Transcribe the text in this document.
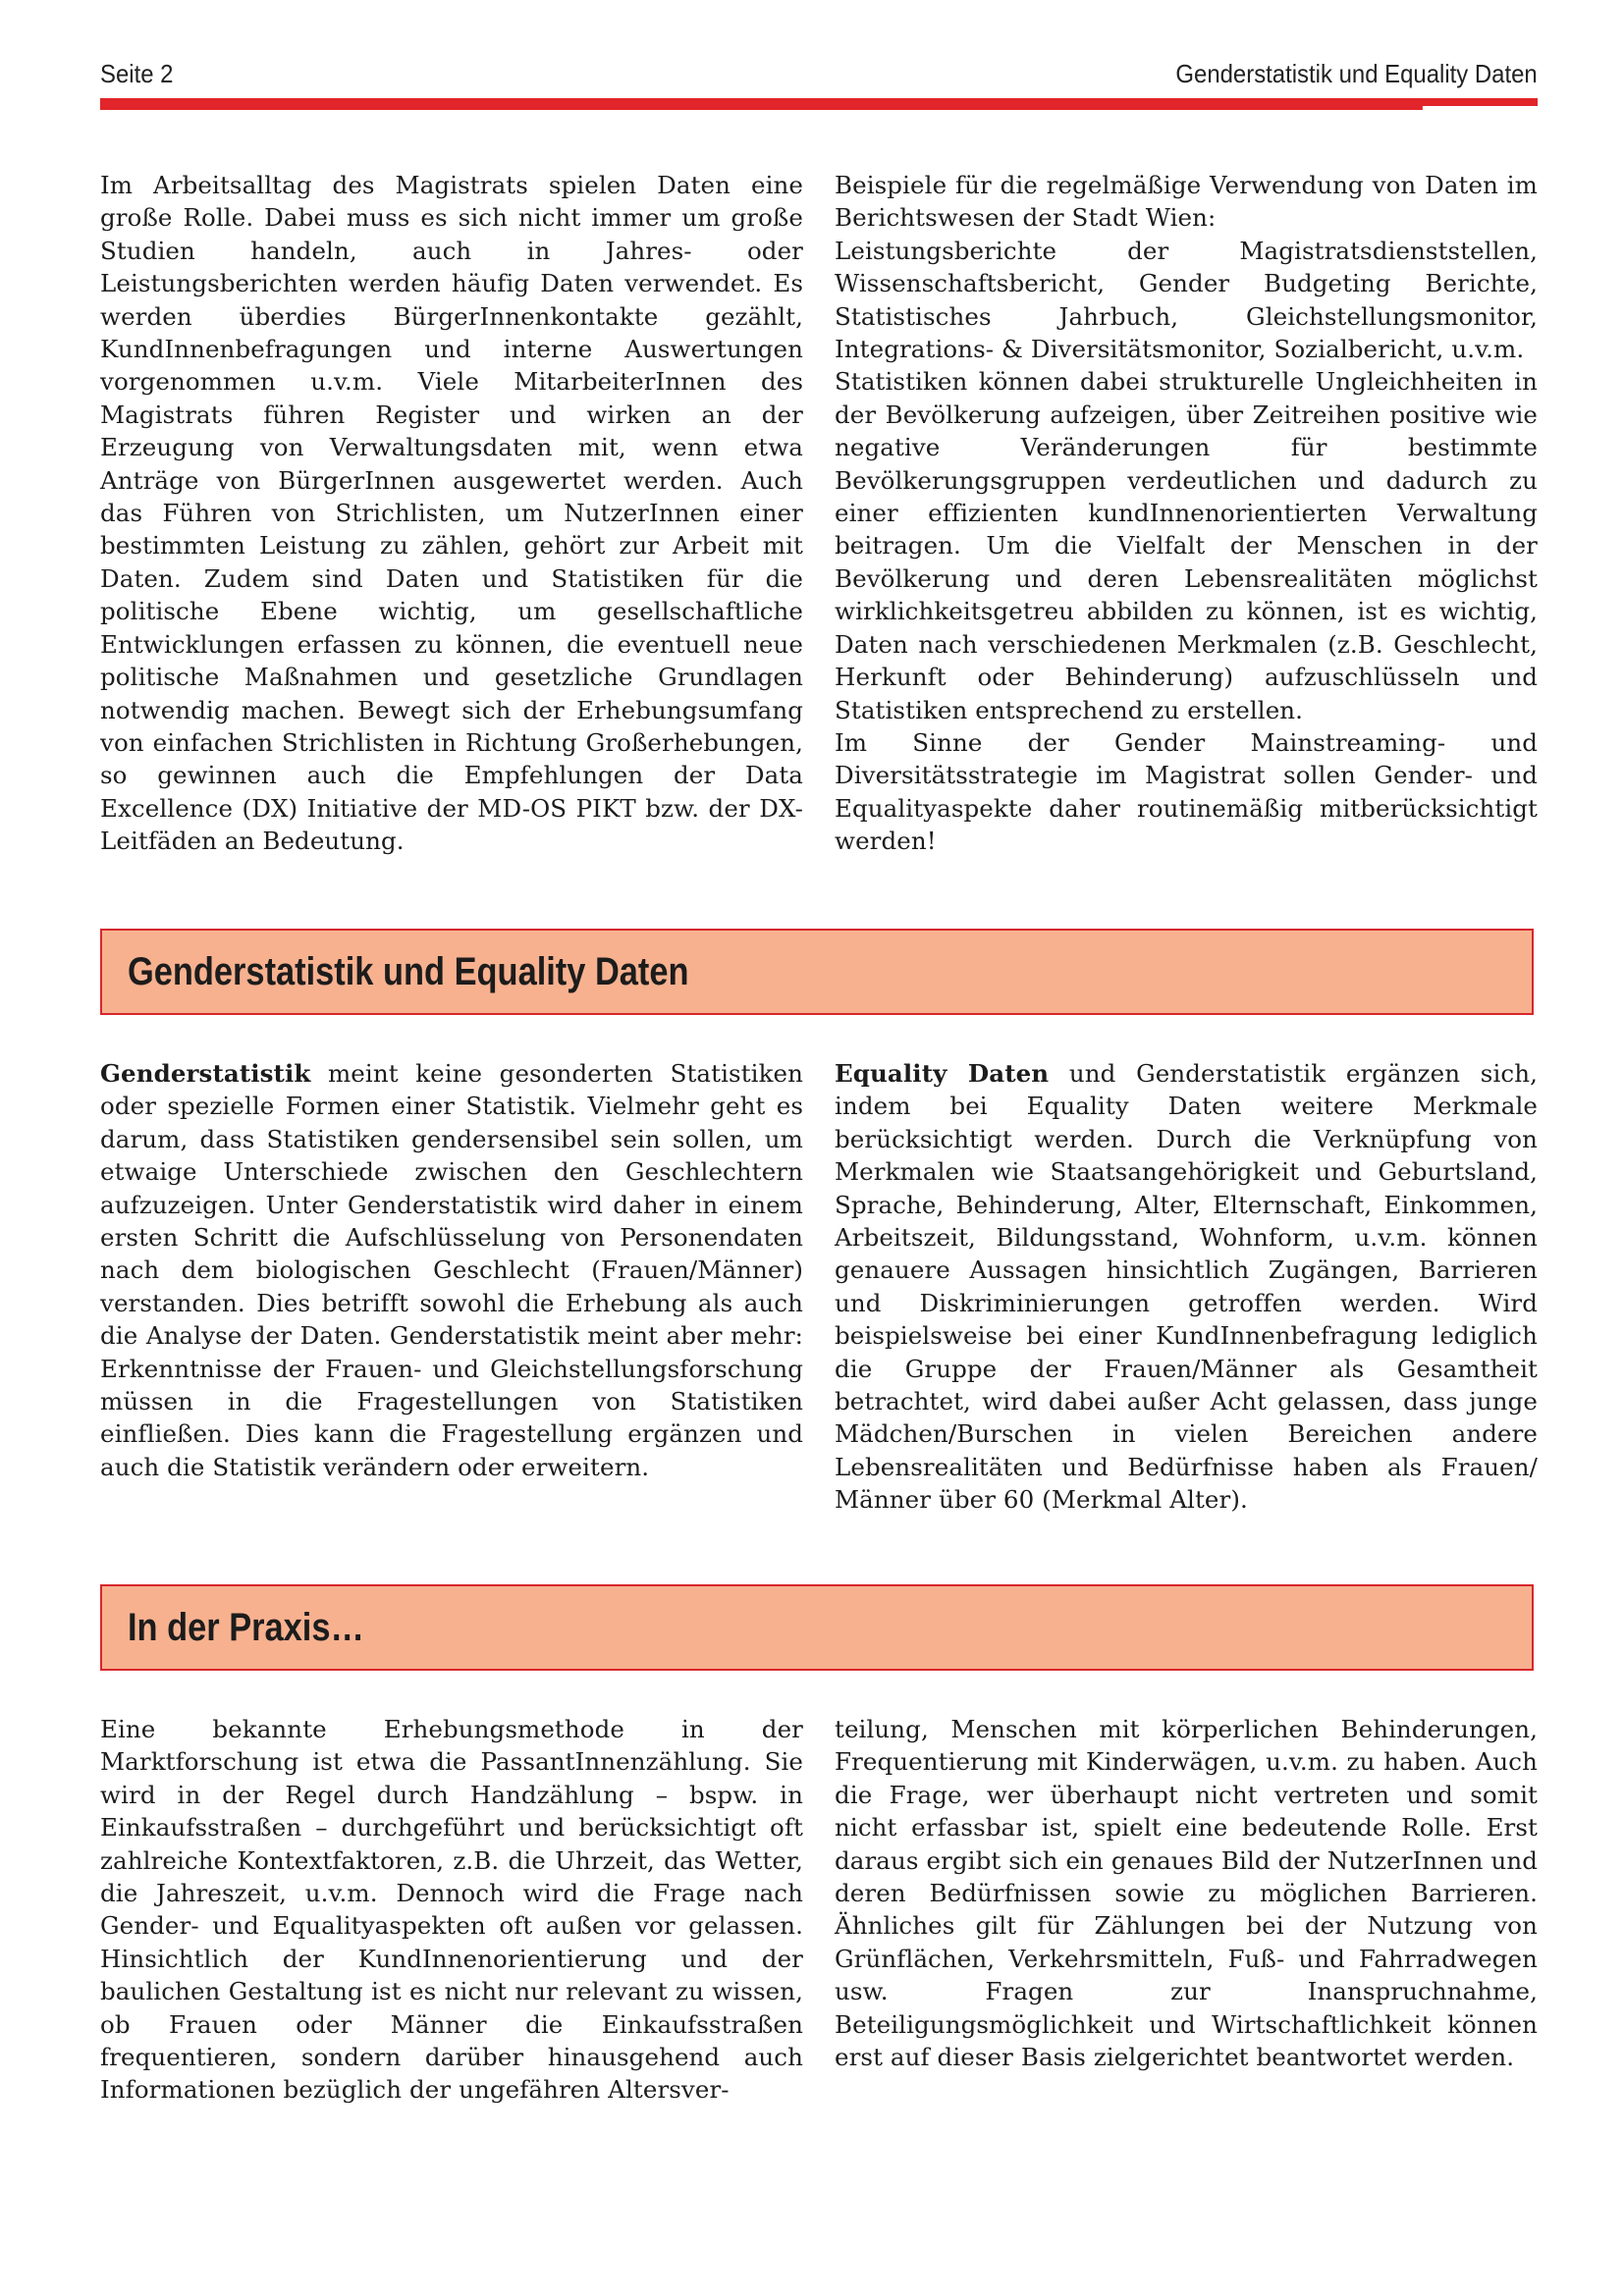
Seite 2	Genderstatistik und Equality Daten

Im Arbeitsalltag des Magistrats spielen Daten eine große Rolle. Dabei muss es sich nicht immer um große Studien handeln, auch in Jahres- oder Leistungsberichten werden häufig Daten verwendet. Es werden überdies BürgerInnenkontakte gezählt, KundInnenbefragungen und interne Auswertungen vorgenommen u.v.m. Viele MitarbeiterInnen des Magistrats führen Register und wirken an der Erzeugung von Verwaltungsdaten mit, wenn etwa Anträge von BürgerInnen ausgewertet werden. Auch das Führen von Strichlisten, um NutzerInnen einer bestimmten Leistung zu zählen, gehört zur Arbeit mit Daten. Zudem sind Daten und Statistiken für die politische Ebene wichtig, um gesellschaftliche Entwicklungen erfassen zu können, die eventuell neue politische Maßnahmen und gesetzliche Grundlagen notwendig machen. Bewegt sich der Erhebungsumfang von einfachen Strichlisten in Richtung Großerhebungen, so gewinnen auch die Empfehlungen der Data Excellence (DX) Initiative der MD-OS PIKT bzw. der DX-Leitfäden an Bedeutung.

Beispiele für die regelmäßige Verwendung von Daten im Berichtswesen der Stadt Wien:

Leistungsberichte der Magistratsdienststellen, Wissenschaftsbericht, Gender Budgeting Berichte, Statistisches Jahrbuch, Gleichstellungsmonitor, Integrations- & Diversitätsmonitor, Sozialbericht, u.v.m.

Statistiken können dabei strukturelle Ungleichheiten in der Bevölkerung aufzeigen, über Zeitreihen positive wie negative Veränderungen für bestimmte Bevölkerungsgruppen verdeutlichen und dadurch zu einer effizienten kundInnenorientierten Verwaltung beitragen. Um die Vielfalt der Menschen in der Bevölkerung und deren Lebensrealitäten möglichst wirklichkeitsgetreu abbilden zu können, ist es wichtig, Daten nach verschiedenen Merkmalen (z.B. Geschlecht, Herkunft oder Behinderung) aufzuschlüsseln und Statistiken entsprechend zu erstellen.

Im Sinne der Gender Mainstreaming- und Diversitätsstrategie im Magistrat sollen Gender- und Equalityaspekte daher routinemäßig mitberücksichtigt werden!

Genderstatistik und Equality Daten

Genderstatistik meint keine gesonderten Statistiken oder spezielle Formen einer Statistik. Vielmehr geht es darum, dass Statistiken gendersensibel sein sollen, um etwaige Unterschiede zwischen den Geschlechtern aufzuzeigen. Unter Genderstatistik wird daher in einem ersten Schritt die Aufschlüsselung von Personendaten nach dem biologischen Geschlecht (Frauen/Männer) verstanden. Dies betrifft sowohl die Erhebung als auch die Analyse der Daten. Genderstatistik meint aber mehr: Erkenntnisse der Frauen- und Gleichstellungsforschung müssen in die Fragestellungen von Statistiken einfließen. Dies kann die Fragestellung ergänzen und auch die Statistik verändern oder erweitern.

Equality Daten und Genderstatistik ergänzen sich, indem bei Equality Daten weitere Merkmale berücksichtigt werden. Durch die Verknüpfung von Merkmalen wie Staatsangehörigkeit und Geburtsland, Sprache, Behinderung, Alter, Elternschaft, Einkommen, Arbeitszeit, Bildungsstand, Wohnform, u.v.m. können genauere Aussagen hinsichtlich Zugängen, Barrieren und Diskriminierungen getroffen werden. Wird beispielsweise bei einer KundInnenbefragung lediglich die Gruppe der Frauen/Männer als Gesamtheit betrachtet, wird dabei außer Acht gelassen, dass junge Mädchen/Burschen in vielen Bereichen andere Lebensrealitäten und Bedürfnisse haben als Frauen/ Männer über 60 (Merkmal Alter).

In der Praxis…

Eine bekannte Erhebungsmethode in der Marktforschung ist etwa die PassantInnenzählung. Sie wird in der Regel durch Handzählung – bspw. in Einkaufsstraßen – durchgeführt und berücksichtigt oft zahlreiche Kontextfaktoren, z.B. die Uhrzeit, das Wetter, die Jahreszeit, u.v.m. Dennoch wird die Frage nach Gender- und Equalityaspekten oft außen vor gelassen. Hinsichtlich der KundInnenorientierung und der baulichen Gestaltung ist es nicht nur relevant zu wissen, ob Frauen oder Männer die Einkaufsstraßen frequentieren, sondern darüber hinausgehend auch Informationen bezüglich der ungefähren Altersver-

teilung, Menschen mit körperlichen Behinderungen, Frequentierung mit Kinderwägen, u.v.m. zu haben. Auch die Frage, wer überhaupt nicht vertreten und somit nicht erfassbar ist, spielt eine bedeutende Rolle. Erst daraus ergibt sich ein genaues Bild der NutzerInnen und deren Bedürfnissen sowie zu möglichen Barrieren. Ähnliches gilt für Zählungen bei der Nutzung von Grünflächen, Verkehrsmitteln, Fuß- und Fahrradwegen usw. Fragen zur Inanspruchnahme, Beteiligungsmöglichkeit und Wirtschaftlichkeit können erst auf dieser Basis zielgerichtet beantwortet werden.
